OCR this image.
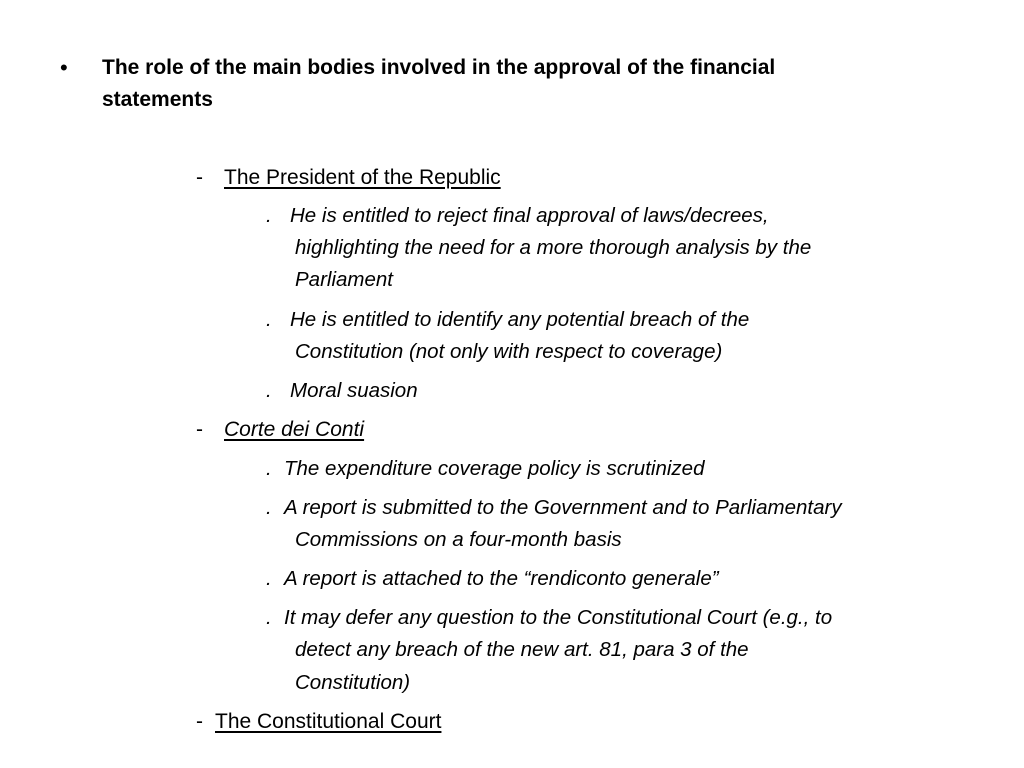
• The role of the main bodies involved in the approval of the financial
statements
- The President of the Republic
. He is entitled to reject final approval of laws/decrees,
highlighting the need for a more thorough analysis by the
Parliament
. He is entitled to identify any potential breach of the
Constitution (not only with respect to coverage)
. Moral suasion
- Corte dei Conti
. The expenditure coverage policy is scrutinized
. A report is submitted to the Government and to Parliamentary
Commissions on a four-month basis
. A report is attached to the “rendiconto generale”
. It may defer any question to the Constitutional Court (e.g., to
detect any breach of the new art. 81, para 3 of the
Constitution)
- The Constitutional Court
